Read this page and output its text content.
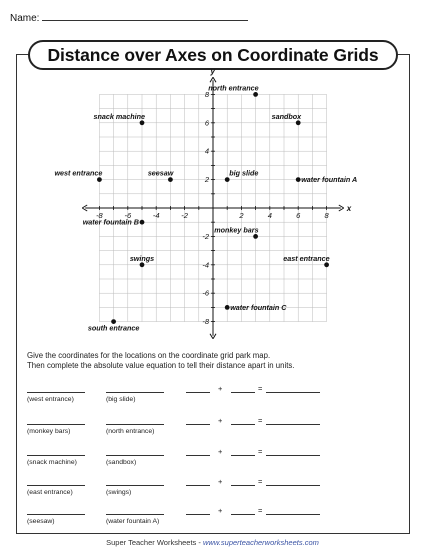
Name:
Distance over Axes on Coordinate Grids
x
y
-8	-6	-4	-2	2	4	6	8
8
6
4
2
-2
-4
-6
-8
north entrance
snack machine	sandbox
west entrance	seesaw	big slide
water fountain A
water fountain B
monkey bars
swings	east entrance
water fountain C
south entrance
Give the coordinates for the locations on the coordinate grid park map.
Then complete the absolute value equation to tell their distance apart in units.
+	=
(west entrance)	(big slide)
+	=
(monkey bars)	(north entrance)
+	=
(snack machine)	(sandbox)
+	=
(east entrance)	(swings)
+	=
(seesaw)	(water fountain A)
Super Teacher Worksheets - www.superteacherworksheets.com
